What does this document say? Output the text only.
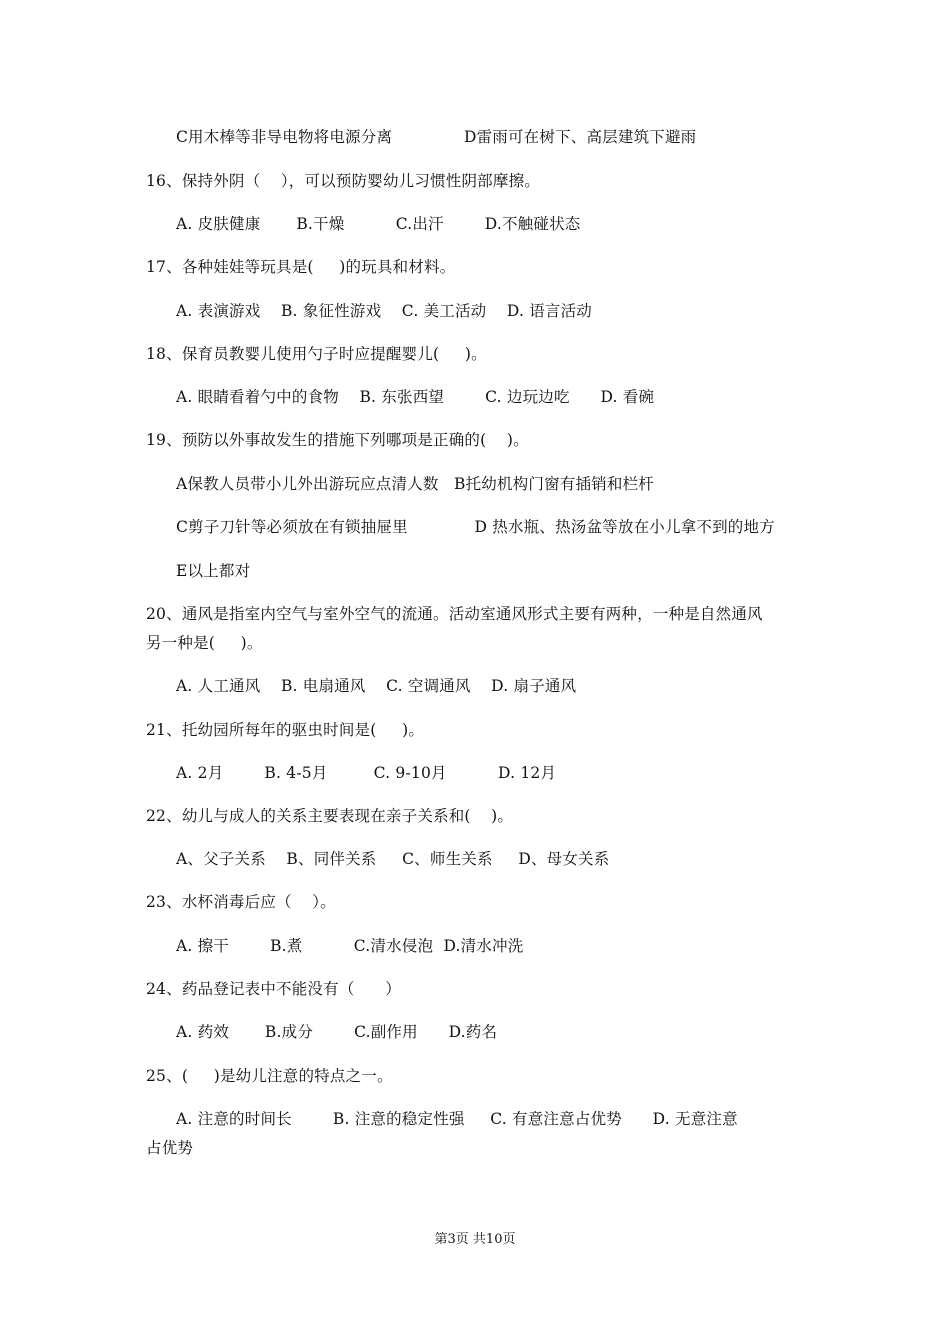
C用木棒等非导电物将电源分离              D雷雨可在树下、高层建筑下避雨
16、保持外阴（    ），可以预防婴幼儿习惯性阴部摩擦。
A. 皮肤健康       B.干燥          C.出汗        D.不触碰状态
17、各种娃娃等玩具是(     )的玩具和材料。
A. 表演游戏    B. 象征性游戏    C. 美工活动    D. 语言活动
18、保育员教婴儿使用勺子时应提醒婴儿(     )。
A. 眼睛看着勺中的食物    B. 东张西望        C. 边玩边吃      D. 看碗
19、预防以外事故发生的措施下列哪项是正确的(    )。
A保教人员带小儿外出游玩应点清人数   B托幼机构门窗有插销和栏杆
C剪子刀针等必须放在有锁抽屉里             D 热水瓶、热汤盆等放在小儿拿不到的地方
E以上都对
20、通风是指室内空气与室外空气的流通。活动室通风形式主要有两种，一种是自然通风
另一种是(     )。
A. 人工通风    B. 电扇通风    C. 空调通风    D. 扇子通风
21、托幼园所每年的驱虫时间是(     )。
A. 2月        B. 4-5月         C. 9-10月          D. 12月
22、幼儿与成人的关系主要表现在亲子关系和(    )。
A、父子关系    B、同伴关系     C、师生关系     D、母女关系
23、水杯消毒后应（    ）。
A. 擦干        B.煮          C.清水侵泡  D.清水冲洗
24、药品登记表中不能没有（      ）
A. 药效       B.成分        C.副作用      D.药名
25、(     )是幼儿注意的特点之一。
A. 注意的时间长        B. 注意的稳定性强     C. 有意注意占优势      D. 无意注意
占优势
第3页 共10页
